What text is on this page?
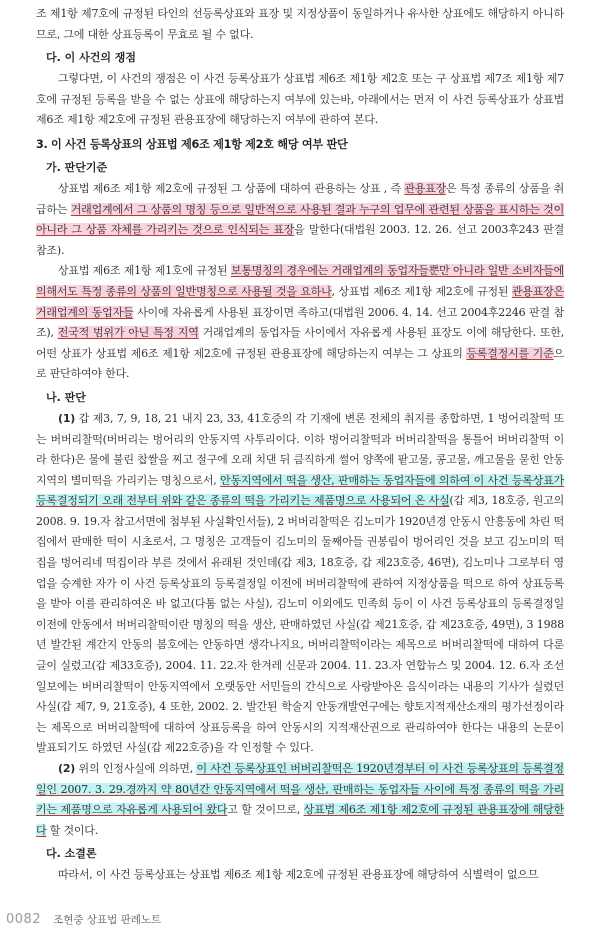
조 제1항 제7호에 규정된 타인의 선등록상표와 표장 및 지정상품이 동일하거나 유사한 상표에도 해당하지 아니하므로, 그에 대한 상표등록이 무효로 될 수 없다.

다. 이 사건의 쟁점

그렇다면, 이 사건의 쟁점은 이 사건 등록상표가 상표법 제6조 제1항 제2호 또는 구 상표법 제7조 제1항 제7호에 규정된 등록을 받을 수 없는 상표에 해당하는지 여부에 있는바, 아래에서는 먼저 이 사건 등록상표가 상표법 제6조 제1항 제2호에 규정된 관용표장에 해당하는지 여부에 관하여 본다.

3. 이 사건 등록상표의 상표법 제6조 제1항 제2호 해당 여부 판단
가. 판단기준

상표법 제6조 제1항 제2호에 규정된 그 상품에 대하여 관용하는 상표 , 즉 관용표장은 특정 종류의 상품을 취급하는 거래업계에서 그 상품의 명칭 등으로 일반적으로 사용된 결과 누구의 업무에 관련된 상품을 표시하는 것이 아니라 그 상품 자체를 가리키는 것으로 인식되는 표장을 말한다(대법원 2003. 12. 26. 선고 2003후243 판결 참조).

상표법 제6조 제1항 제1호에 규정된 보통명칭의 경우에는 거래업계의 동업자들뿐만 아니라 일반 소비자들에 의해서도 특정 종류의 상품의 일반명칭으로 사용될 것을 요하나, 상표법 제6조 제1항 제2호에 규정된 관용표장은 거래업계의 동업자들 사이에 자유롭게 사용된 표장이면 족하고(대법원 2006. 4. 14. 선고 2004후2246 판결 참조), 전국적 범위가 아닌 특정 지역 거래업계의 동업자들 사이에서 자유롭게 사용된 표장도 이에 해당한다. 또한, 어떤 상표가 상표법 제6조 제1항 제2호에 규정된 관용표장에 해당하는지 여부는 그 상표의 등록결정시를 기준으로 판단하여야 한다.

나. 판단

(1) 갑 제3, 7, 9, 18, 21 내지 23, 33, 41호증의 각 기재에 변론 전체의 취지를 종합하면, 1 벙어리찰떡 또는 버버리찰떡(버버리는 벙어리의 안동지역 사투리이다. 이하 벙어리찰떡과 버버리찰떡을 통틀어 버버리찰떡 이라 한다)은 물에 불린 찹쌀을 찌고 절구에 오래 치댄 뒤 큼직하게 썰어 양쪽에 팥고물, 콩고물, 깨고물을 묻힌 안동지역의 별미떡을 가리키는 명칭으로서, 안동지역에서 떡을 생산, 판매하는 동업자들에 의하여 이 사건 등록상표가 등록결정되기 오래 전부터 위와 같은 종류의 떡을 가리키는 제품명으로 사용되어 온 사실(갑 제3, 18호증, 원고의 2008. 9. 19.자 참고서면에 첨부된 사실확인서들), 2 버버리찰떡은 김노미가 1920년경 안동시 안흥동에 차린 떡집에서 판매한 떡이 시초로서, 그 명칭은 고객들이 김노미의 둘째아들 권봉림이 벙어리인 것을 보고 김노미의 떡집을 벙어리네 떡집이라 부른 것에서 유래된 것인데(갑 제3, 18호증, 갑 제23호증, 46면), 김노미나 그로부터 영업을 승계한 자가 이 사건 등록상표의 등록결정일 이전에 버버리찰떡에 관하여 지정상품을 떡으로 하여 상표등록을 받아 이를 관리하여온 바 없고(다툼 없는 사실), 김노미 이외에도 민족희 등이 이 사건 등록상표의 등록결정일 이전에 안동에서 버버리찰떡이란 명칭의 떡을 생산, 판매하였던 사실(갑 제21호증, 갑 제23호증, 49면), 3 1988년 발간된 계간지 안동의 봄호에는 안동하면 생각나지요, 버버리찰떡이라는 제목으로 버버리찰떡에 대하여 다룬 글이 실렸고(갑 제33호증), 2004. 11. 22.자 한겨레 신문과 2004. 11. 23.자 연합뉴스 및 2004. 12. 6.자 조선일보에는 버버리찰떡이 안동지역에서 오랫동안 서민들의 간식으로 사랑받아온 음식이라는 내용의 기사가 실렸던 사실(갑 제7, 9, 21호증), 4 또한, 2002. 2. 발간된 학술지 안동개발연구에는 향토지적재산소재의 평가선정이라는 제목으로 버버리찰떡에 대하여 상표등록을 하여 안동시의 지적재산권으로 관리하여야 한다는 내용의 논문이 발표되기도 하였던 사실(갑 제22호증)을 각 인정할 수 있다.

(2) 위의 인정사실에 의하면, 이 사건 등록상표인 버버리찰떡은 1920년경부터 이 사건 등록상표의 등록결정일인 2007. 3. 29.경까지 약 80년간 안동지역에서 떡을 생산, 판매하는 동업자들 사이에 특정 종류의 떡을 가리키는 제품명으로 자유롭게 사용되어 왔다고 할 것이므로, 상표법 제6조 제1항 제2호에 규정된 관용표장에 해당한다 할 것이다.

다. 소결론

따라서, 이 사건 등록상표는 상표법 제6조 제1항 제2호에 규정된 관용표장에 해당하여 식별력이 없으므

0082 조현중 상표법 판례노트
